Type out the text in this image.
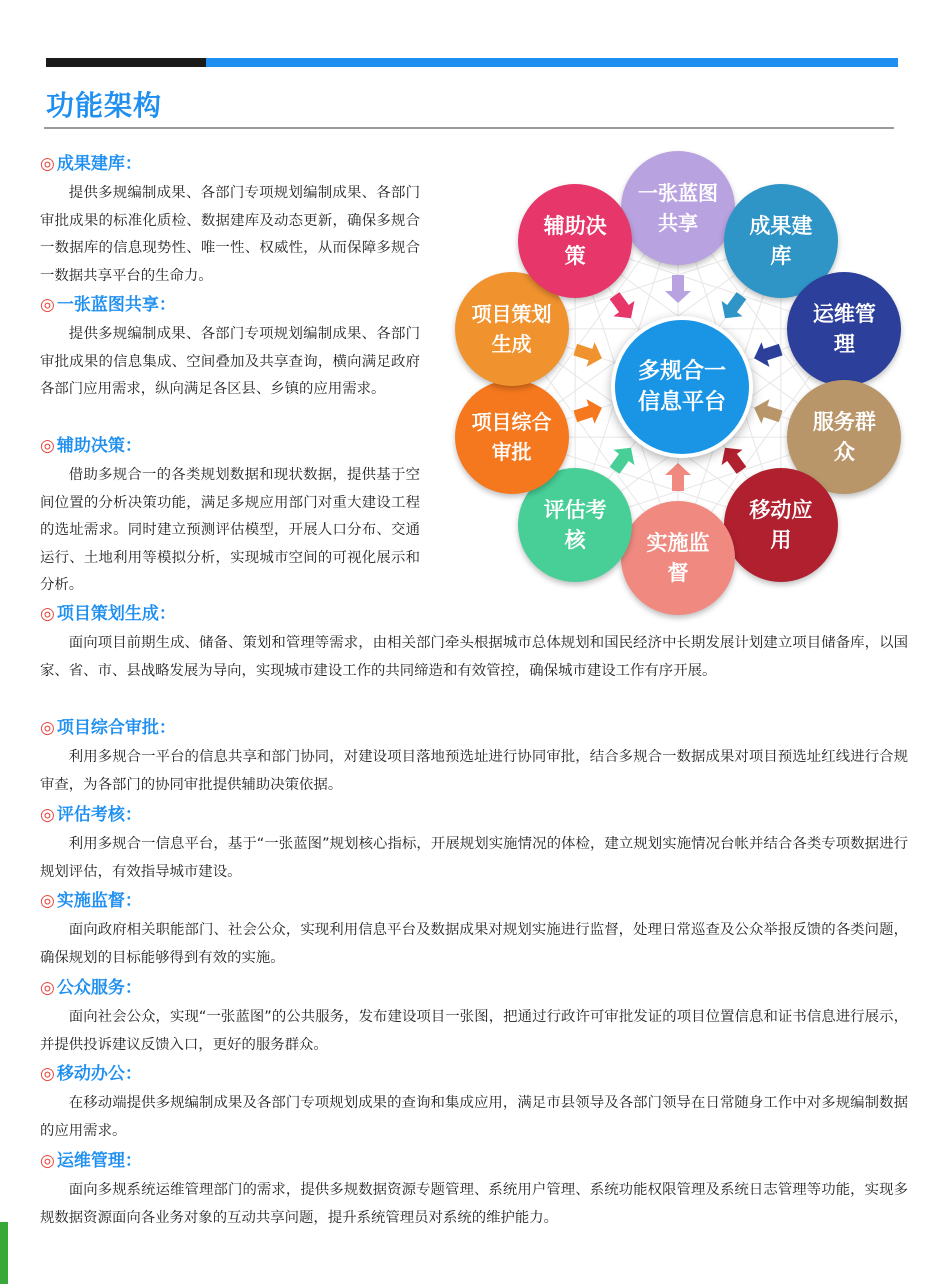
功能架构
◎ 成果建库：
提供多规编制成果、各部门专项规划编制成果、各部门审批成果的标准化质检、数据建库及动态更新，确保多规合一数据库的信息现势性、唯一性、权威性，从而保障多规合一数据共享平台的生命力。
◎ 一张蓝图共享：
提供多规编制成果、各部门专项规划编制成果、各部门审批成果的信息集成、空间叠加及共享查询，横向满足政府各部门应用需求，纵向满足各区县、乡镇的应用需求。
◎ 辅助决策：
借助多规合一的各类规划数据和现状数据，提供基于空间位置的分析决策功能，满足多规应用部门对重大建设工程的选址需求。同时建立预测评估模型，开展人口分布、交通运行、土地利用等模拟分析，实现城市空间的可视化展示和分析。
◎ 项目策划生成：
面向项目前期生成、储备、策划和管理等需求，由相关部门牵头根据城市总体规划和国民经济中长期发展计划建立项目储备库，以国家、省、市、县战略发展为导向，实现城市建设工作的共同缔造和有效管控，确保城市建设工作有序开展。
◎ 项目综合审批：
利用多规合一平台的信息共享和部门协同，对建设项目落地预选址进行协同审批，结合多规合一数据成果对项目预选址红线进行合规审查，为各部门的协同审批提供辅助决策依据。
◎ 评估考核：
利用多规合一信息平台，基于“一张蓝图”规划核心指标，开展规划实施情况的体检，建立规划实施情况台帐并结合各类专项数据进行规划评估，有效指导城市建设。
◎ 实施监督：
面向政府相关职能部门、社会公众，实现利用信息平台及数据成果对规划实施进行监督，处理日常巡查及公众举报反馈的各类问题，确保规划的目标能够得到有效的实施。
◎ 公众服务：
面向社会公众，实现“一张蓝图”的公共服务，发布建设项目一张图，把通过行政许可审批发证的项目位置信息和证书信息进行展示，并提供投诉建议反馈入口，更好的服务群众。
◎ 移动办公：
在移动端提供多规编制成果及各部门专项规划成果的查询和集成应用，满足市县领导及各部门领导在日常随身工作中对多规编制数据的应用需求。
◎ 运维管理：
面向多规系统运维管理部门的需求，提供多规数据资源专题管理、系统用户管理、系统功能权限管理及系统日志管理等功能，实现多规数据资源面向各业务对象的互动共享问题，提升系统管理员对系统的维护能力。
多规合一信息平台
一张蓝图共享	成果建库
运维管理
服务群众
移动应用
实施监督
评估考核
项目综合审批
项目策划生成
辅助决策
